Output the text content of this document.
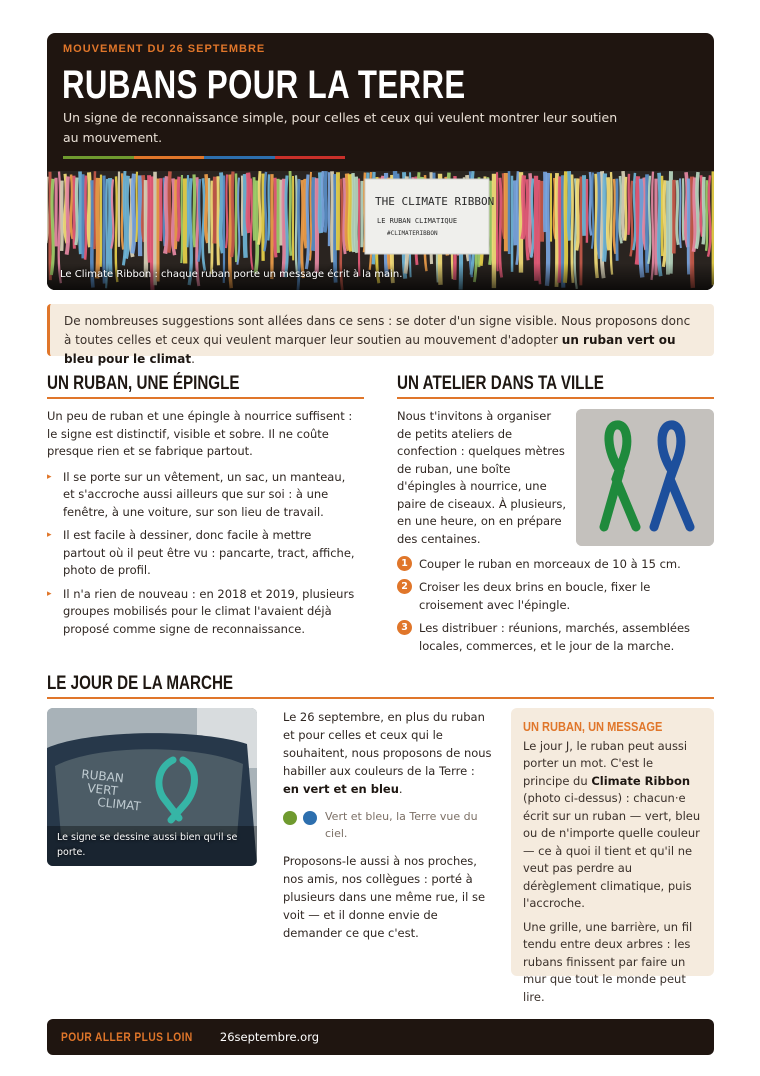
MOUVEMENT DU 26 SEPTEMBRE
RUBANS POUR LA TERRE
Un signe de reconnaissance simple, pour celles et ceux qui veulent montrer leur soutien au mouvement.
THE CLIMATE RIBBON
LE RUBAN CLIMATIQUE
#CLIMATERIBBON
Le Climate Ribbon : chaque ruban porte un message écrit à la main.
De nombreuses suggestions sont allées dans ce sens : se doter d'un signe visible. Nous proposons donc à toutes celles et ceux qui veulent marquer leur soutien au mouvement d'adopter un ruban vert ou bleu pour le climat.
UN RUBAN, UNE ÉPINGLE

Un peu de ruban et une épingle à nourrice suffisent : le signe est distinctif, visible et sobre. Il ne coûte presque rien et se fabrique partout.

▸ Il se porte sur un vêtement, un sac, un manteau, et s'accroche aussi ailleurs que sur soi : à une fenêtre, à une voiture, sur son lieu de travail.
▸ Il est facile à dessiner, donc facile à mettre partout où il peut être vu : pancarte, tract, affiche, photo de profil.
▸ Il n'a rien de nouveau : en 2018 et 2019, plusieurs groupes mobilisés pour le climat l'avaient déjà proposé comme signe de reconnaissance.
UN ATELIER DANS TA VILLE
Nous t'invitons à organiser de petits ateliers de confection : quelques mètres de ruban, une boîte d'épingles à nourrice, une paire de ciseaux. À plusieurs, en une heure, on en prépare des centaines.
1 Couper le ruban en morceaux de 10 à 15 cm.
2 Croiser les deux brins en boucle, fixer le croisement avec l'épingle.
3 Les distribuer : réunions, marchés, assemblées locales, commerces, et le jour de la marche.
LE JOUR DE LA MARCHE
RUBAN
VERT
CLIMAT
Le signe se dessine aussi bien qu'il se porte.

Le 26 septembre, en plus du ruban et pour celles et ceux qui le souhaitent, nous proposons de nous habiller aux couleurs de la Terre : en vert et en bleu.

Vert et bleu, la Terre vue du ciel.

Proposons-le aussi à nos proches, nos amis, nos collègues : porté à plusieurs dans une même rue, il se voit — et il donne envie de demander ce que c'est.

UN RUBAN, UN MESSAGE

Le jour J, le ruban peut aussi porter un mot. C'est le principe du Climate Ribbon (photo ci-dessus) : chacun·e écrit sur un ruban — vert, bleu ou de n'importe quelle couleur — ce à quoi il tient et qu'il ne veut pas perdre au dérèglement climatique, puis l'accroche.

Une grille, une barrière, un fil tendu entre deux arbres : les rubans finissent par faire un mur que tout le monde peut lire.

POUR ALLER PLUS LOIN 26septembre.org
